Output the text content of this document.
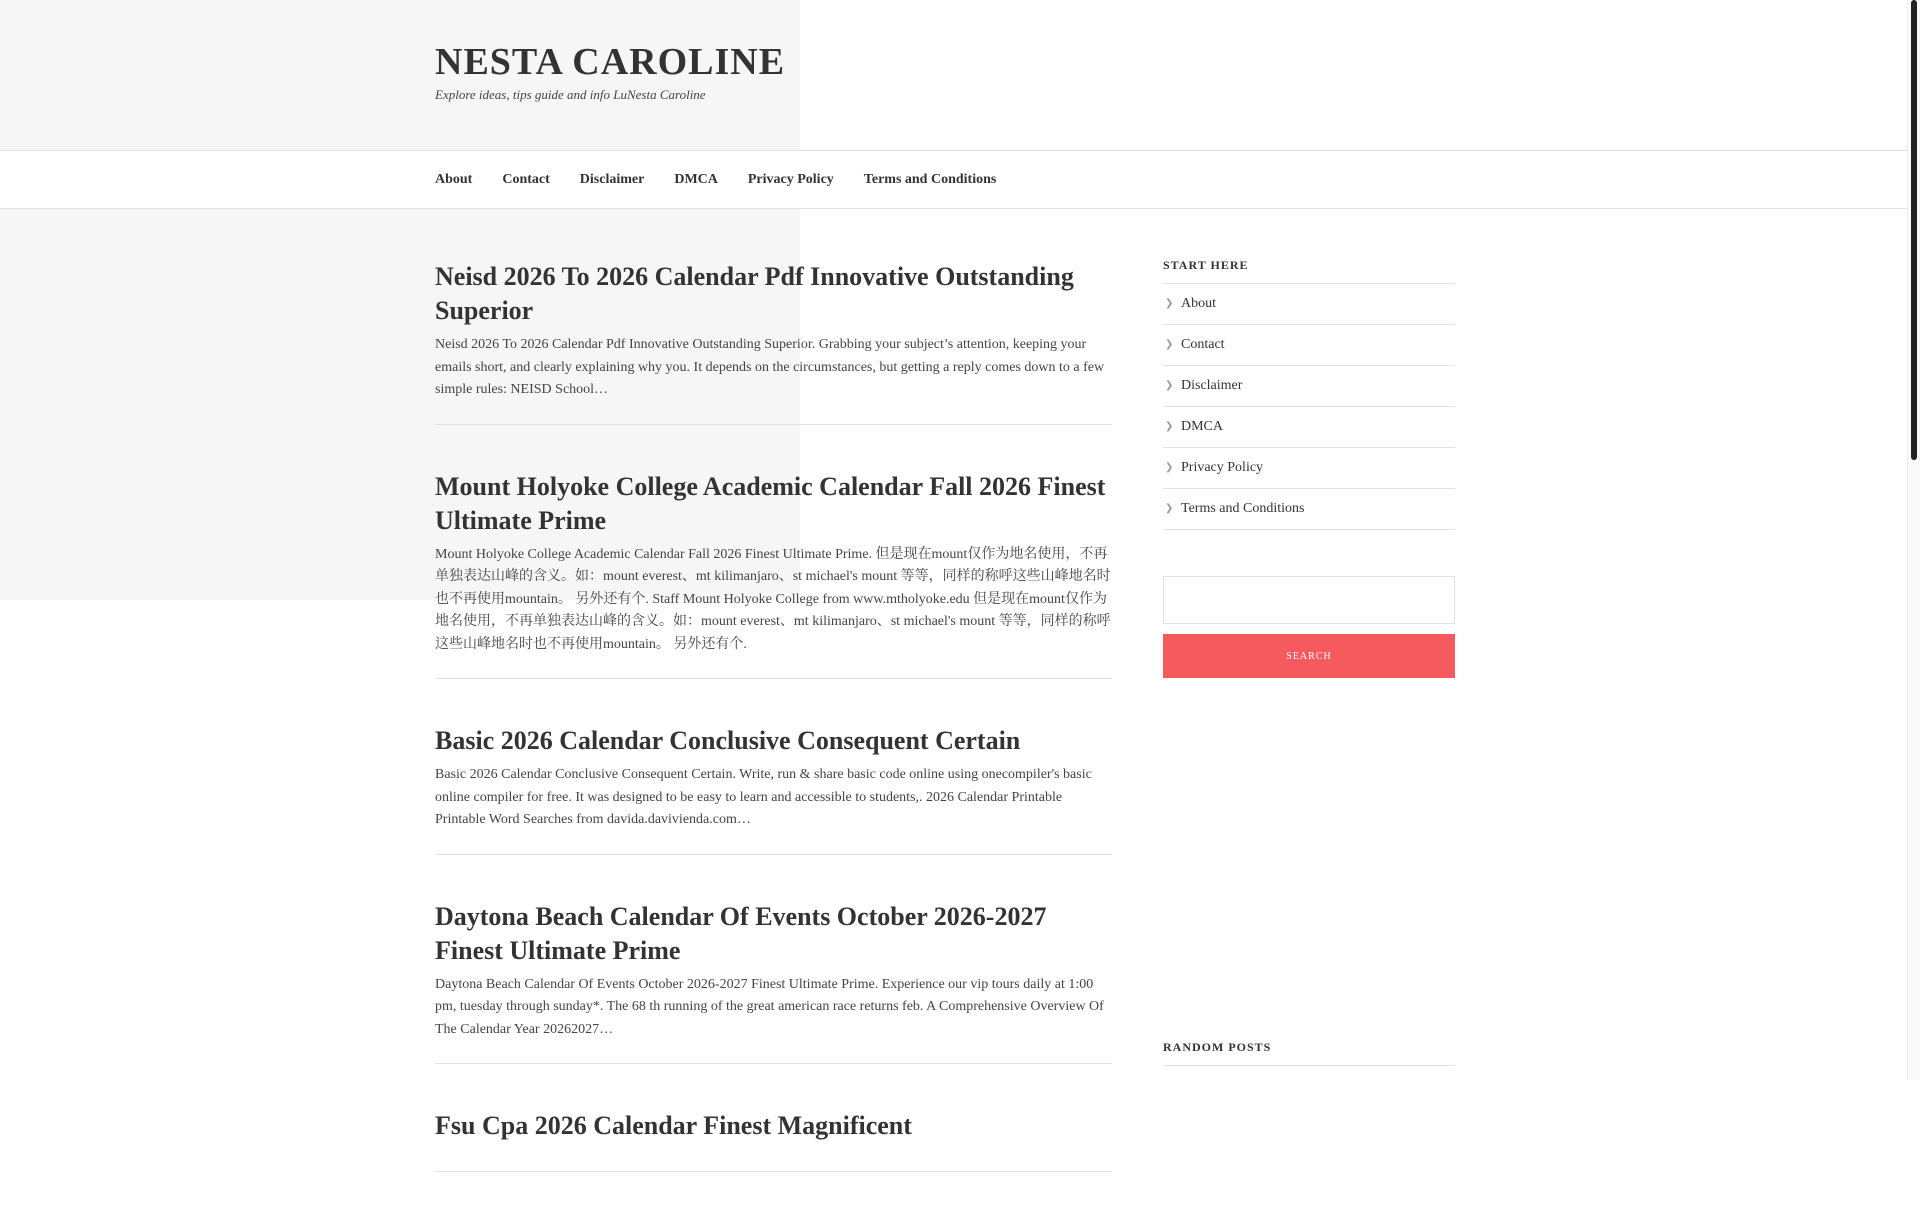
NESTA CAROLINE

Explore ideas, tips guide and info LuNesta Caroline

About Contact Disclaimer DMCA Privacy Policy Terms and Conditions
Neisd 2026 To 2026 Calendar Pdf Innovative Outstanding Superior

Neisd 2026 To 2026 Calendar Pdf Innovative Outstanding Superior. Grabbing your subject’s attention, keeping your emails short, and clearly explaining why you. It depends on the circumstances, but getting a reply comes down to a few simple rules: NEISD School…

Mount Holyoke College Academic Calendar Fall 2026 Finest Ultimate Prime

Mount Holyoke College Academic Calendar Fall 2026 Finest Ultimate Prime. 但是现在mount仅作为地名使用，不再单独表达山峰的含义。如：mount everest、mt kilimanjaro、st michael's mount 等等，同样的称呼这些山峰地名时也不再使用mountain。 另外还有个. Staff Mount Holyoke College from www.mtholyoke.edu 但是现在mount仅作为地名使用，不再单独表达山峰的含义。如：mount everest、mt kilimanjaro、st michael's mount 等等，同样的称呼这些山峰地名时也不再使用mountain。 另外还有个.

Basic 2026 Calendar Conclusive Consequent Certain

Basic 2026 Calendar Conclusive Consequent Certain. Write, run & share basic code online using onecompiler's basic online compiler for free. It was designed to be easy to learn and accessible to students,. 2026 Calendar Printable Printable Word Searches from davida.davivienda.com…

Daytona Beach Calendar Of Events October 2026-2027 Finest Ultimate Prime

Daytona Beach Calendar Of Events October 2026-2027 Finest Ultimate Prime. Experience our vip tours daily at 1:00 pm, tuesday through sunday*. The 68 th running of the great american race returns feb. A Comprehensive Overview Of The Calendar Year 20262027…

Fsu Cpa 2026 Calendar Finest Magnificent
START HERE
❯ About
❯ Contact
❯ Disclaimer
❯ DMCA
❯ Privacy Policy
❯ Terms and Conditions
SEARCH
RANDOM POSTS
